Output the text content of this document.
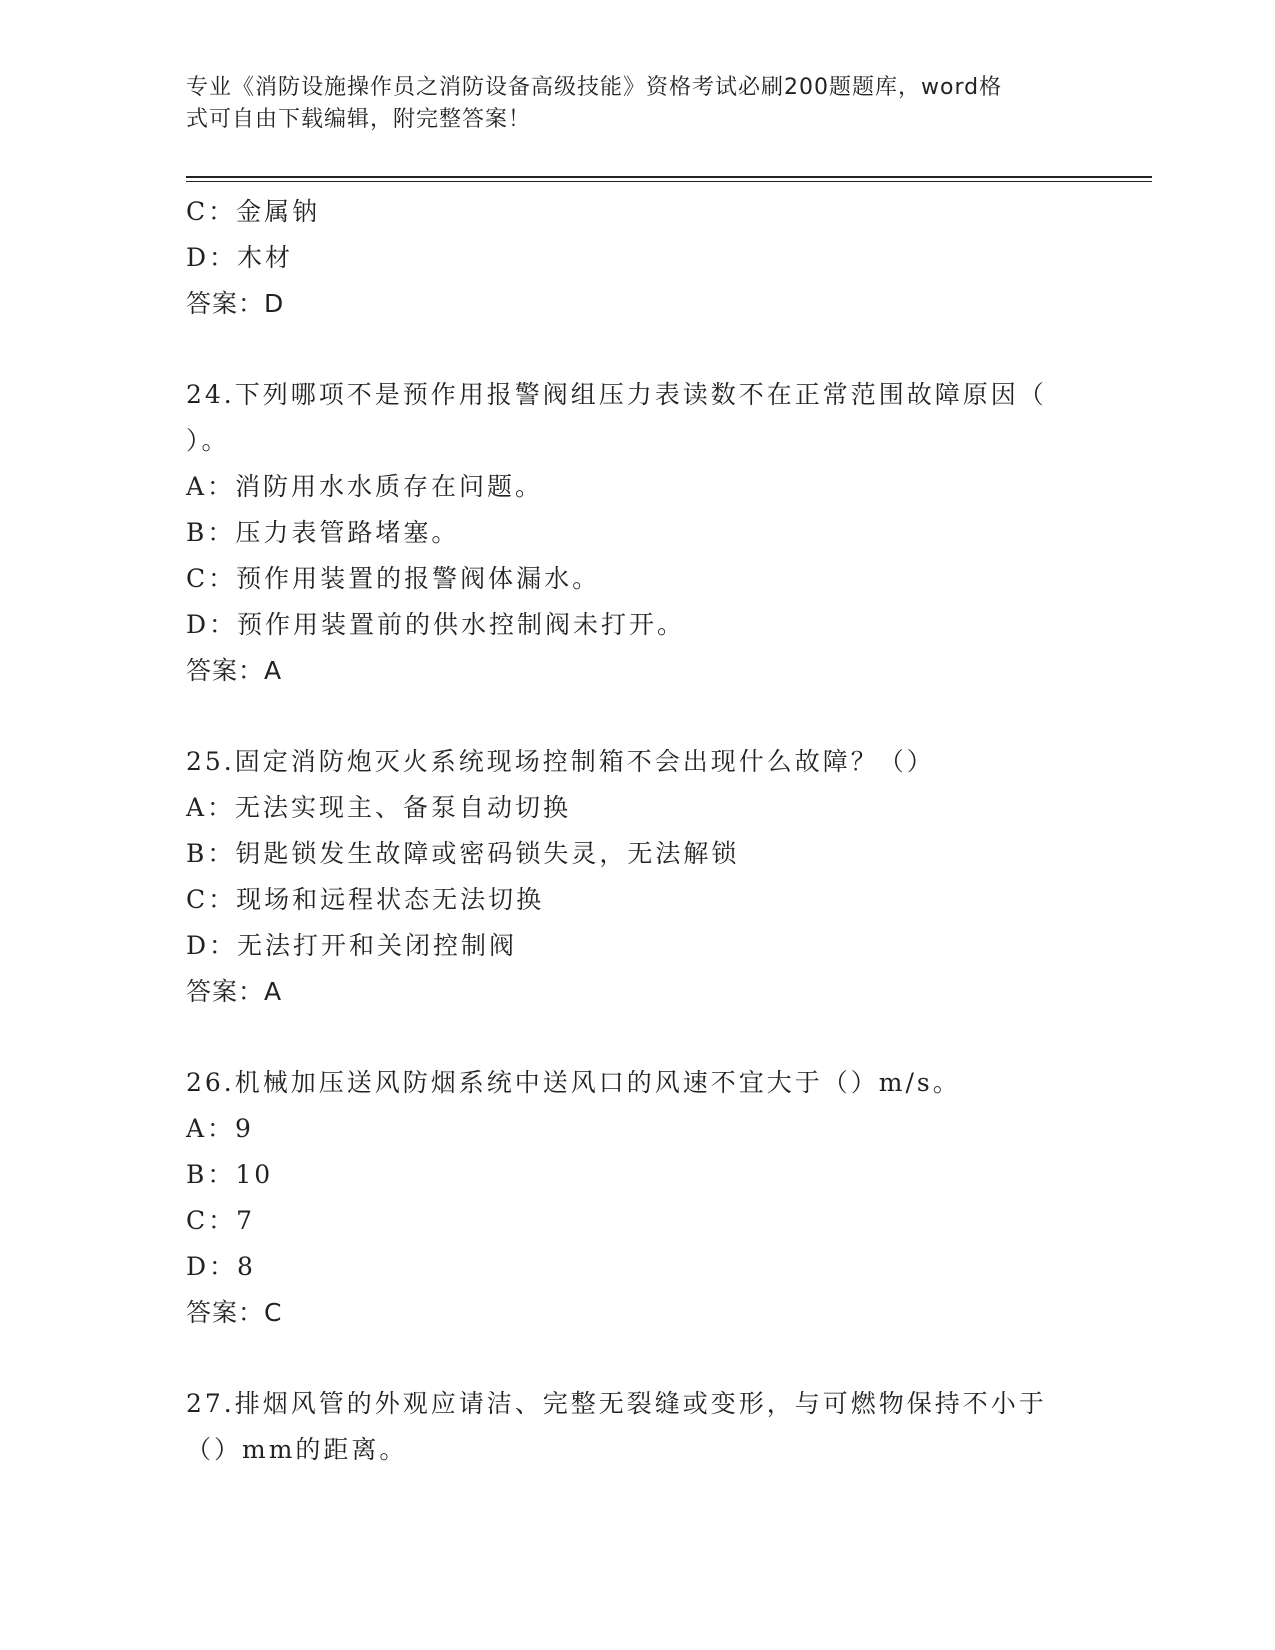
专业《消防设施操作员之消防设备高级技能》资格考试必刷200题题库，word格
式可自由下载编辑，附完整答案！
C：金属钠
D：木材
答案：D
24.下列哪项不是预作用报警阀组压力表读数不在正常范围故障原因（
）。
A：消防用水水质存在问题。
B：压力表管路堵塞。
C：预作用装置的报警阀体漏水。
D：预作用装置前的供水控制阀未打开。
答案：A
25.固定消防炮灭火系统现场控制箱不会出现什么故障？（）
A：无法实现主、备泵自动切换
B：钥匙锁发生故障或密码锁失灵，无法解锁
C：现场和远程状态无法切换
D：无法打开和关闭控制阀
答案：A
26.机械加压送风防烟系统中送风口的风速不宜大于（）m/s。
A：9
B：10
C：7
D：8
答案：C
27.排烟风管的外观应请洁、完整无裂缝或变形，与可燃物保持不小于
（）mm的距离。
